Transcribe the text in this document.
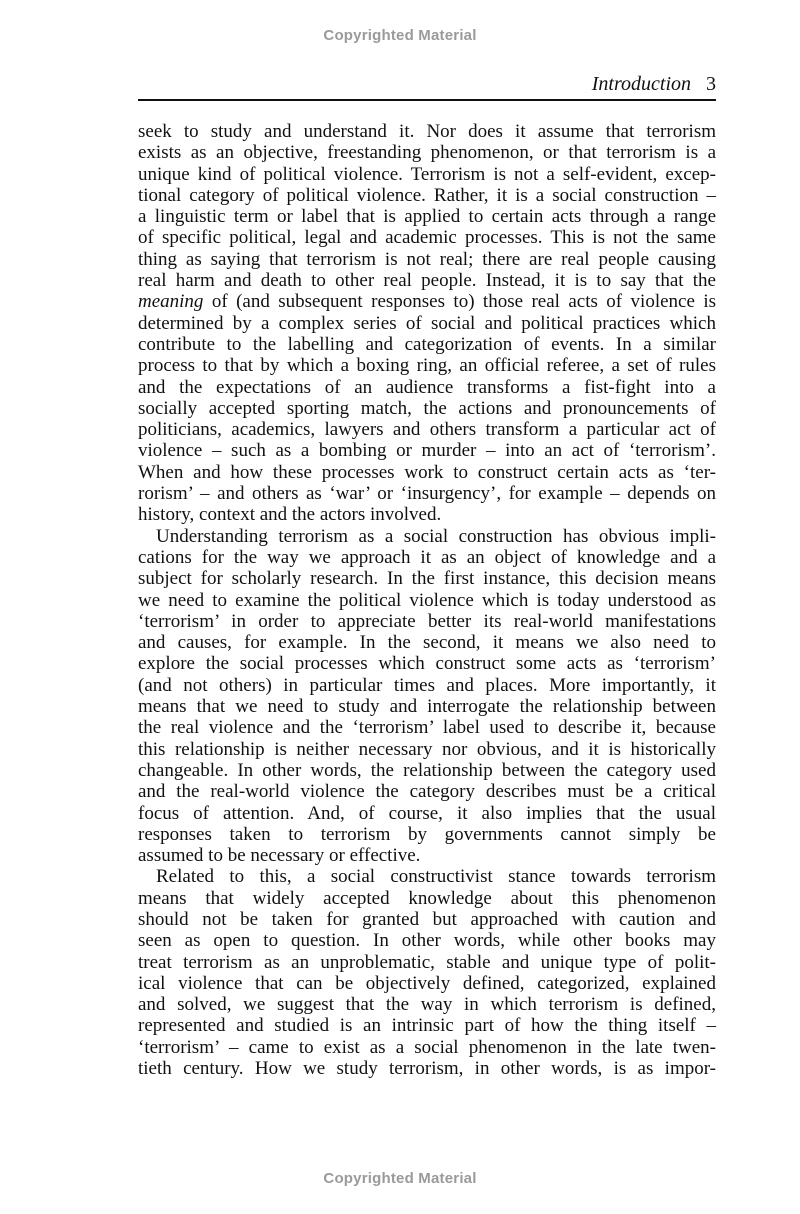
Copyrighted Material
Introduction 3

seek to study and understand it. Nor does it assume that terrorism
exists as an objective, freestanding phenomenon, or that terrorism is a
unique kind of political violence. Terrorism is not a self-evident, excep-
tional category of political violence. Rather, it is a social construction –
a linguistic term or label that is applied to certain acts through a range
of specific political, legal and academic processes. This is not the same
thing as saying that terrorism is not real; there are real people causing
real harm and death to other real people. Instead, it is to say that the
meaning of (and subsequent responses to) those real acts of violence is
determined by a complex series of social and political practices which
contribute to the labelling and categorization of events. In a similar
process to that by which a boxing ring, an official referee, a set of rules
and the expectations of an audience transforms a fist-fight into a
socially accepted sporting match, the actions and pronouncements of
politicians, academics, lawyers and others transform a particular act of
violence – such as a bombing or murder – into an act of ‘terrorism’.
When and how these processes work to construct certain acts as ‘ter-
rorism’ – and others as ‘war’ or ‘insurgency’, for example – depends on
history, context and the actors involved.

Understanding terrorism as a social construction has obvious impli-
cations for the way we approach it as an object of knowledge and a
subject for scholarly research. In the first instance, this decision means
we need to examine the political violence which is today understood as
‘terrorism’ in order to appreciate better its real-world manifestations
and causes, for example. In the second, it means we also need to
explore the social processes which construct some acts as ‘terrorism’
(and not others) in particular times and places. More importantly, it
means that we need to study and interrogate the relationship between
the real violence and the ‘terrorism’ label used to describe it, because
this relationship is neither necessary nor obvious, and it is historically
changeable. In other words, the relationship between the category used
and the real-world violence the category describes must be a critical
focus of attention. And, of course, it also implies that the usual
responses taken to terrorism by governments cannot simply be
assumed to be necessary or effective.

Related to this, a social constructivist stance towards terrorism
means that widely accepted knowledge about this phenomenon
should not be taken for granted but approached with caution and
seen as open to question. In other words, while other books may
treat terrorism as an unproblematic, stable and unique type of polit-
ical violence that can be objectively defined, categorized, explained
and solved, we suggest that the way in which terrorism is defined,
represented and studied is an intrinsic part of how the thing itself –
‘terrorism’ – came to exist as a social phenomenon in the late twen-
tieth century. How we study terrorism, in other words, is as impor-

Copyrighted Material
